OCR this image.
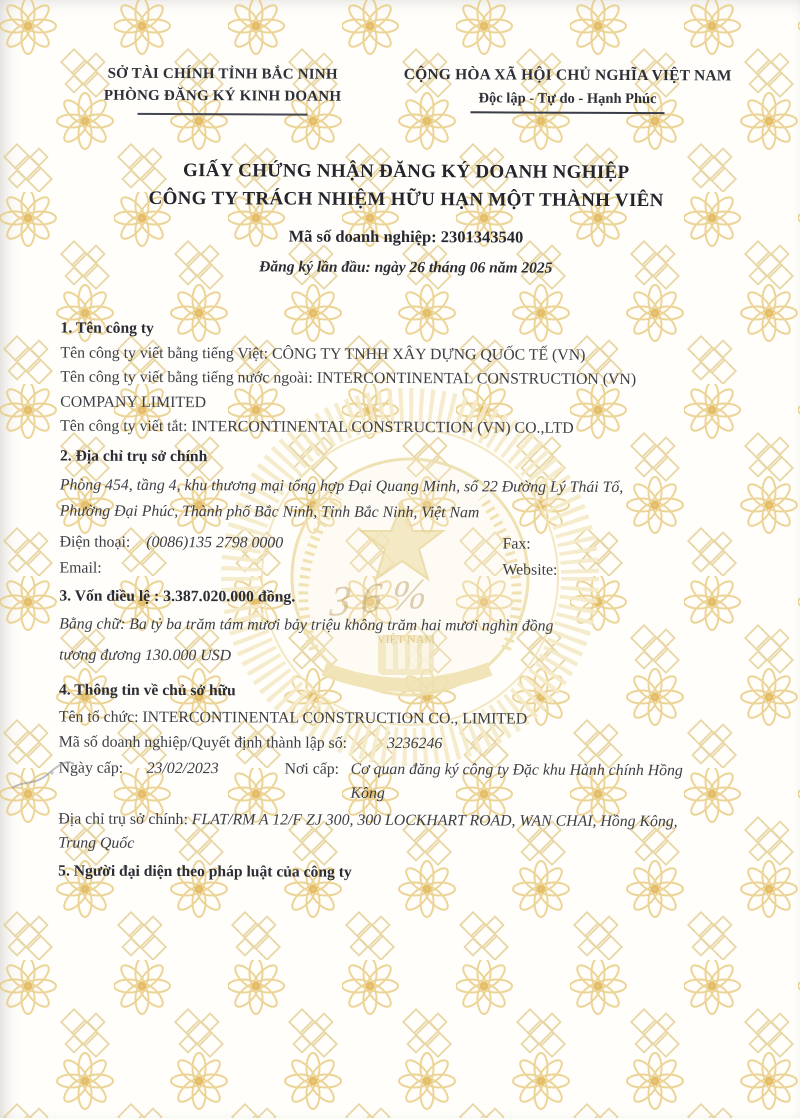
VIỆT NAM
36%
SỞ TÀI CHÍNH TỈNH BẮC NINH
PHÒNG ĐĂNG KÝ KINH DOANH
CỘNG HÒA XÃ HỘI CHỦ NGHĨA VIỆT NAM
Độc lập - Tự do - Hạnh Phúc
GIẤY CHỨNG NHẬN ĐĂNG KÝ DOANH NGHIỆP
CÔNG TY TRÁCH NHIỆM HỮU HẠN MỘT THÀNH VIÊN
Mã số doanh nghiệp: 2301343540
Đăng ký lần đầu: ngày 26 tháng 06 năm 2025
1. Tên công ty

Tên công ty viết bằng tiếng Việt: CÔNG TY TNHH XÂY DỰNG QUỐC TẾ (VN)

Tên công ty viết bằng tiếng nước ngoài: INTERCONTINENTAL CONSTRUCTION (VN) COMPANY LIMITED

Tên công ty viết tắt: INTERCONTINENTAL CONSTRUCTION (VN) CO.,LTD

2. Địa chỉ trụ sở chính

Phòng 454, tầng 4, khu thương mại tổng hợp Đại Quang Minh, số 22 Đường Lý Thái Tổ, Phường Đại Phúc, Thành phố Bắc Ninh, Tỉnh Bắc Ninh, Việt Nam

Điện thoại: (0086)135 2798 0000	Fax:
Email:	Website:
3. Vốn điều lệ : 3.387.020.000 đồng.

Bằng chữ: Ba tỷ ba trăm tám mươi bảy triệu không trăm hai mươi nghìn đồng

tương đương 130.000 USD

4. Thông tin về chủ sở hữu

Tên tổ chức: INTERCONTINENTAL CONSTRUCTION CO., LIMITED

Mã số doanh nghiệp/Quyết định thành lập số:	3236246

Ngày cấp:	23/02/2023	Nơi cấp: Cơ quan đăng ký công ty Đặc khu Hành chính Hồng Kông

Địa chỉ trụ sở chính: FLAT/RM A 12/F ZJ 300, 300 LOCKHART ROAD, WAN CHAI, Hồng Kông, Trung Quốc

5. Người đại diện theo pháp luật của công ty
